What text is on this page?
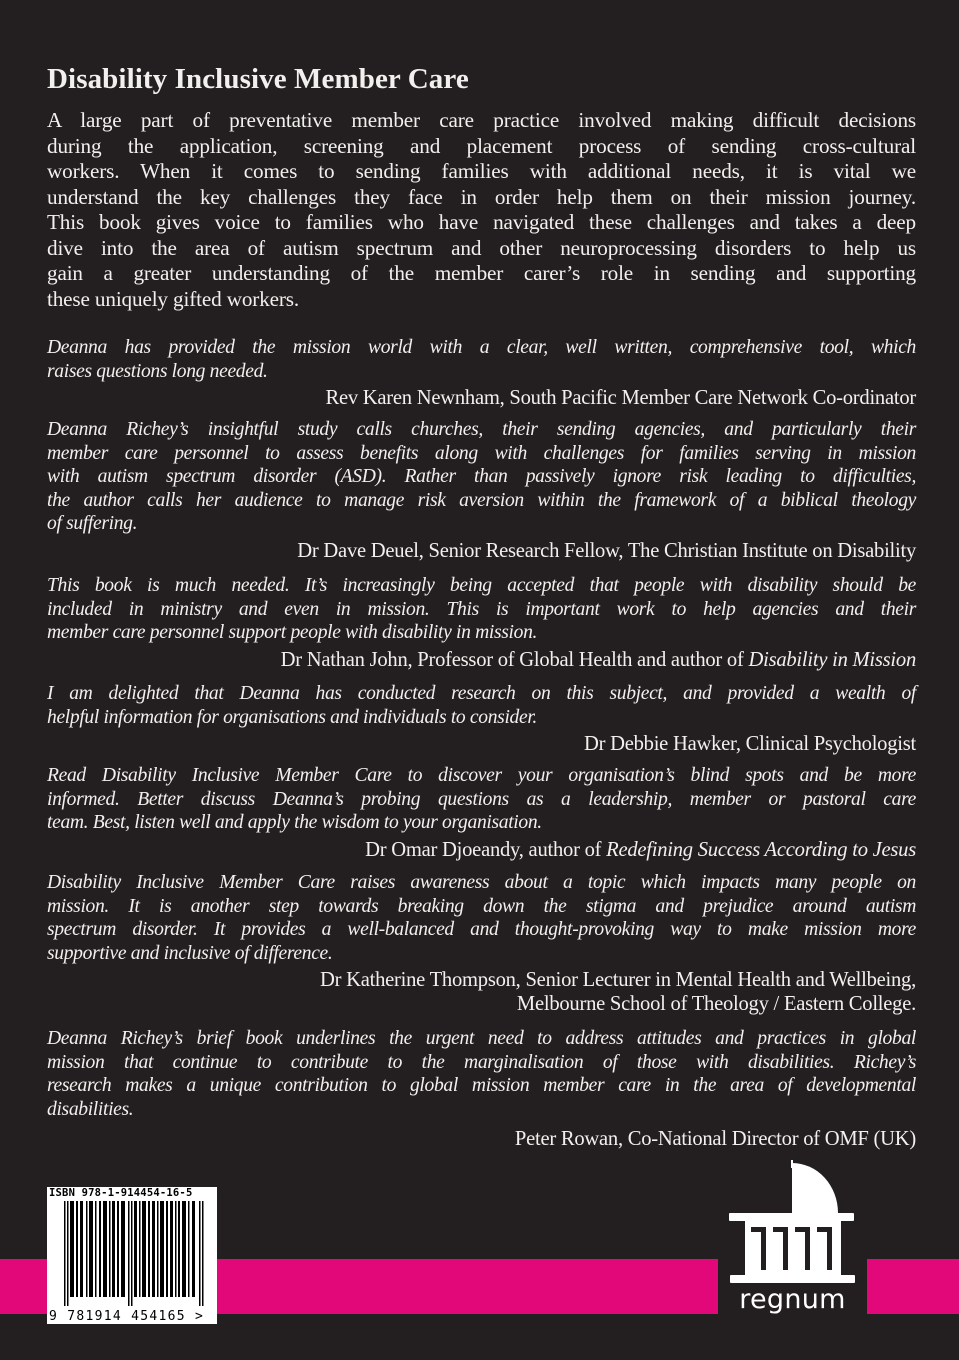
Disability Inclusive Member Care
A large part of preventative member care practice involved making difficult decisions
during the application, screening and placement process of sending cross-cultural
workers. When it comes to sending families with additional needs, it is vital we
understand the key challenges they face in order help them on their mission journey.
This book gives voice to families who have navigated these challenges and takes a deep
dive into the area of autism spectrum and other neuroprocessing disorders to help us
gain a greater understanding of the member carer’s role in sending and supporting
these uniquely gifted workers.
Deanna has provided the mission world with a clear, well written, comprehensive tool, which
raises questions long needed.
Rev Karen Newnham, South Pacific Member Care Network Co-ordinator
Deanna Richey’s insightful study calls churches, their sending agencies, and particularly their
member care personnel to assess benefits along with challenges for families serving in mission
with autism spectrum disorder (ASD). Rather than passively ignore risk leading to difficulties,
the author calls her audience to manage risk aversion within the framework of a biblical theology
of suffering.
Dr Dave Deuel, Senior Research Fellow, The Christian Institute on Disability
This book is much needed. It’s increasingly being accepted that people with disability should be
included in ministry and even in mission. This is important work to help agencies and their
member care personnel support people with disability in mission.
Dr Nathan John, Professor of Global Health and author of Disability in Mission
I am delighted that Deanna has conducted research on this subject, and provided a wealth of
helpful information for organisations and individuals to consider.
Dr Debbie Hawker, Clinical Psychologist
Read Disability Inclusive Member Care to discover your organisation’s blind spots and be more
informed. Better discuss Deanna’s probing questions as a leadership, member or pastoral care
team. Best, listen well and apply the wisdom to your organisation.
Dr Omar Djoeandy, author of Redefining Success According to Jesus
Disability Inclusive Member Care raises awareness about a topic which impacts many people on
mission. It is another step towards breaking down the stigma and prejudice around autism
spectrum disorder. It provides a well-balanced and thought-provoking way to make mission more
supportive and inclusive of difference.
Dr Katherine Thompson, Senior Lecturer in Mental Health and Wellbeing,
Melbourne School of Theology / Eastern College.
Deanna Richey’s brief book underlines the urgent need to address attitudes and practices in global
mission that continue to contribute to the marginalisation of those with disabilities. Richey’s
research makes a unique contribution to global mission member care in the area of developmental
disabilities.
Peter Rowan, Co-National Director of OMF (UK)
ISBN 978-1-914454-16-5
9 781914 454165 >
regnum
